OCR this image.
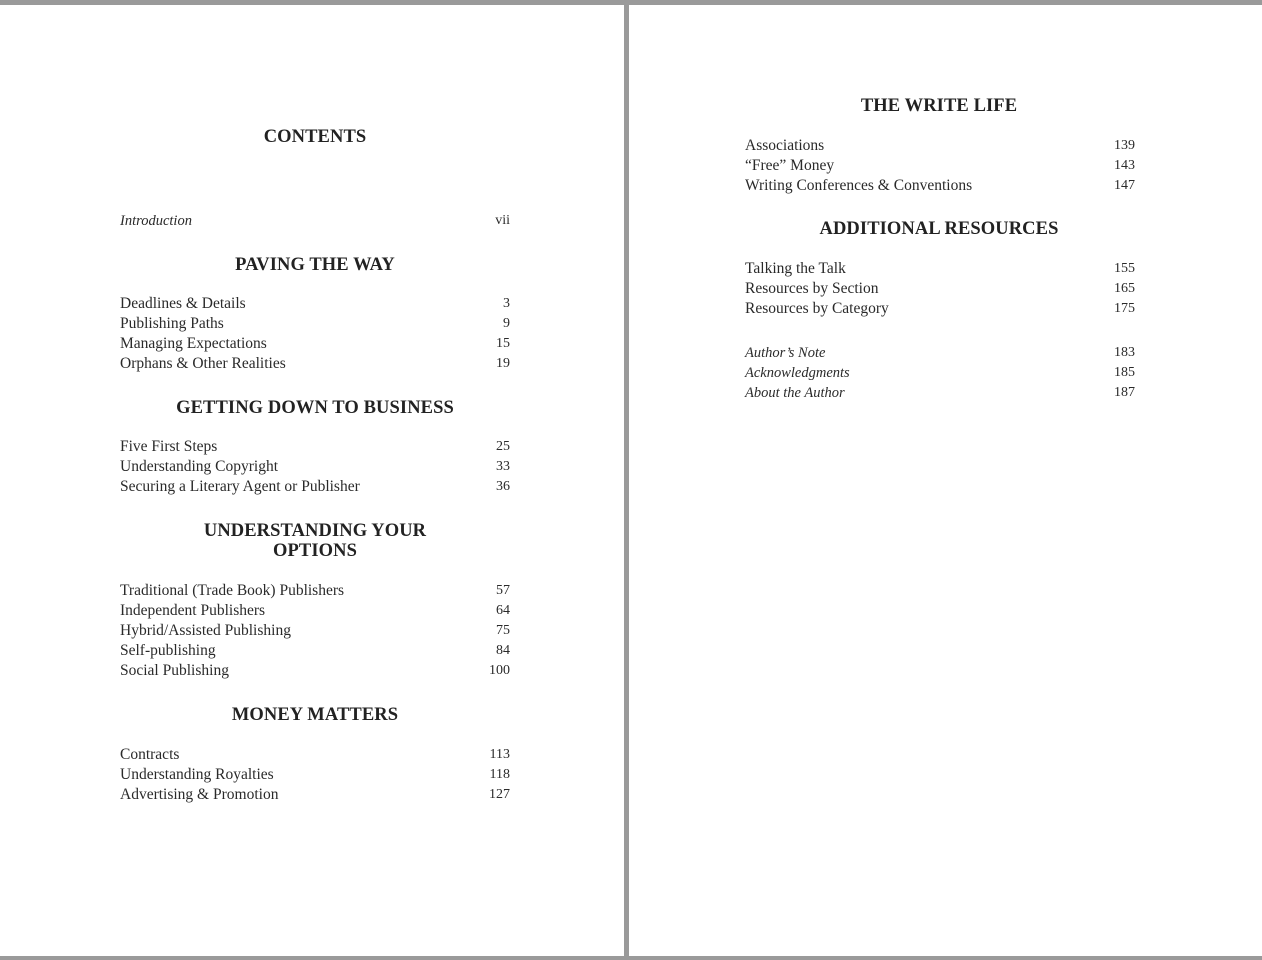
CONTENTS
Introduction	vii
PAVING THE WAY
Deadlines & Details	3
Publishing Paths	9
Managing Expectations	15
Orphans & Other Realities	19
GETTING DOWN TO BUSINESS
Five First Steps	25
Understanding Copyright	33
Securing a Literary Agent or Publisher	36
UNDERSTANDING YOUR
OPTIONS
Traditional (Trade Book) Publishers	57
Independent Publishers	64
Hybrid/Assisted Publishing	75
Self-publishing	84
Social Publishing	100
MONEY MATTERS
Contracts	113
Understanding Royalties	118
Advertising & Promotion	127
THE WRITE LIFE
Associations	139
“Free” Money	143
Writing Conferences & Conventions	147
ADDITIONAL RESOURCES
Talking the Talk	155
Resources by Section	165
Resources by Category	175
Author’s Note	183
Acknowledgments	185
About the Author	187
